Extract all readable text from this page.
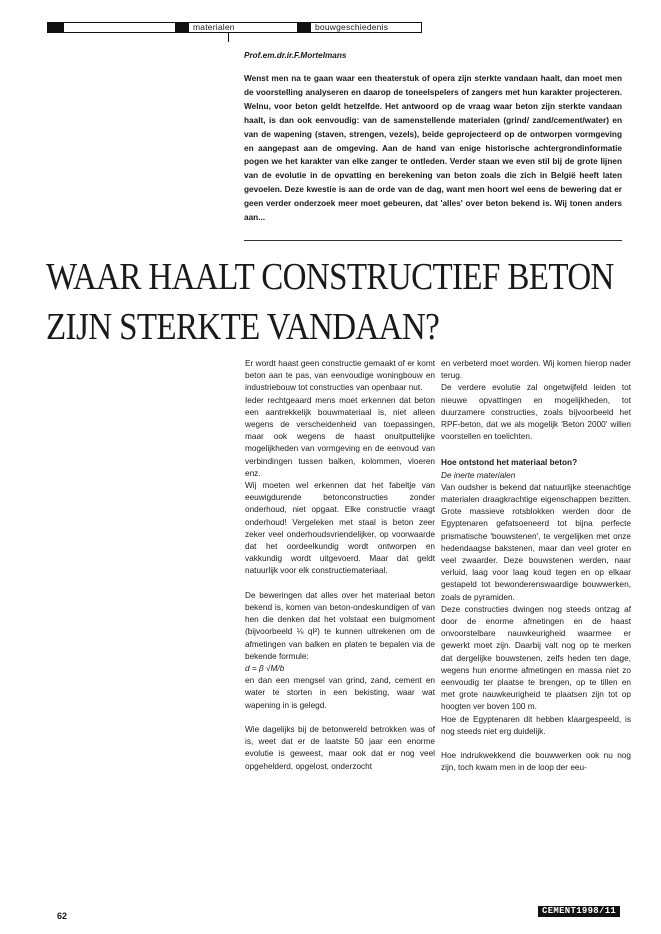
materialen	bouwgeschiedenis
Prof.em.dr.ir.F.Mortelmans

Wenst men na te gaan waar een theaterstuk of opera zijn sterkte vandaan haalt, dan moet men de voorstelling analyseren en daarop de toneelspelers of zangers met hun karakter projecteren. Welnu, voor beton geldt hetzelfde. Het antwoord op de vraag waar beton zijn sterkte vandaan haalt, is dan ook eenvoudig: van de samenstellende materialen (grind/ zand/cement/water) en van de wapening (staven, strengen, vezels), beide geprojecteerd op de ontworpen vormgeving en aangepast aan de omgeving. Aan de hand van enige historische achtergrondinformatie pogen we het karakter van elke zanger te ontleden. Verder staan we even stil bij de grote lijnen van de evolutie in de opvatting en berekening van beton zoals die zich in België heeft laten gevoelen. Deze kwestie is aan de orde van de dag, want men hoort wel eens de bewering dat er geen verder onderzoek meer moet gebeuren, dat 'alles' over beton bekend is. Wij tonen anders aan...

WAAR HAALT CONSTRUCTIEF BETON ZIJN STERKTE VANDAAN?

Er wordt haast geen constructie gemaakt of er komt beton aan te pas, van eenvoudige woningbouw en industriebouw tot constructies van openbaar nut.

Ieder rechtgeaard mens moet erkennen dat beton een aantrekkelijk bouwmateriaal is, niet alleen wegens de verscheidenheid van toepassingen, maar ook wegens de haast onuitputtelijke mogelijkheden van vormgeving en de eenvoud van verbindingen tussen balken, kolommen, vloeren enz.

Wij moeten wel erkennen dat het fabeltje van eeuwigdurende betonconstructies zonder onderhoud, niet opgaat. Elke constructie vraagt onderhoud! Vergeleken met staal is beton zeer zeker veel onderhoudsvriendelijker, op voorwaarde dat het oordeelkundig wordt ontworpen en vakkundig wordt uitgevoerd. Maar dat geldt natuurlijk voor elk constructiemateriaal.

De beweringen dat alles over het materiaal beton bekend is, komen van beton-ondeskundigen of van hen die denken dat het volstaat een buigmoment (bijvoorbeeld ⅛ ql²) te kunnen uitrekenen om de afmetingen van balken en platen te bepalen via de bekende formule:

d = β √M/b

en dan een mengsel van grind, zand, cement en water te storten in een bekisting, waar wat wapening in is gelegd.

Wie dagelijks bij de betonwereld betrokken was of is, weet dat er de laatste 50 jaar een enorme evolutie is geweest, maar ook dat er nog veel opgehelderd, opgelost, onderzocht

en verbeterd moet worden. Wij komen hierop nader terug.

De verdere evolutie zal ongetwijfeld leiden tot nieuwe opvattingen en mogelijkheden, tot duurzamere constructies, zoals bijvoorbeeld het RPF-beton, dat we als mogelijk 'Beton 2000' willen voorstellen en toelichten.

Hoe ontstond het materiaal beton?

De inerte materialen

Van oudsher is bekend dat natuurlijke steenachtige materialen draagkrachtige eigenschappen bezitten. Grote massieve rotsblokken werden door de Egyptenaren gefatsoeneerd tot bijna perfecte prismatische 'bouwstenen', te vergelijken met onze hedendaagse bakstenen, maar dan veel groter en veel zwaarder. Deze bouwstenen werden, naar verluid, laag voor laag koud tegen en op elkaar gestapeld tot bewonderenswaardige bouwwerken, zoals de pyramiden.

Deze constructies dwingen nog steeds ontzag af door de enorme afmetingen en de haast onvoorstelbare nauwkeurigheid waarmee er gewerkt moet zijn. Daarbij valt nog op te merken dat dergelijke bouwstenen, zelfs heden ten dage, wegens hun enorme afmetingen en massa niet zo eenvoudig ter plaatse te brengen, op te tillen en met grote nauwkeurigheid te plaatsen zijn tot op hoogten ver boven 100 m.

Hoe de Egyptenaren dit hebben klaargespeeld, is nog steeds niet erg duidelijk.

Hoe indrukwekkend die bouwwerken ook nu nog zijn, toch kwam men in de loop der eeu-

62	CEMENT1998/11
